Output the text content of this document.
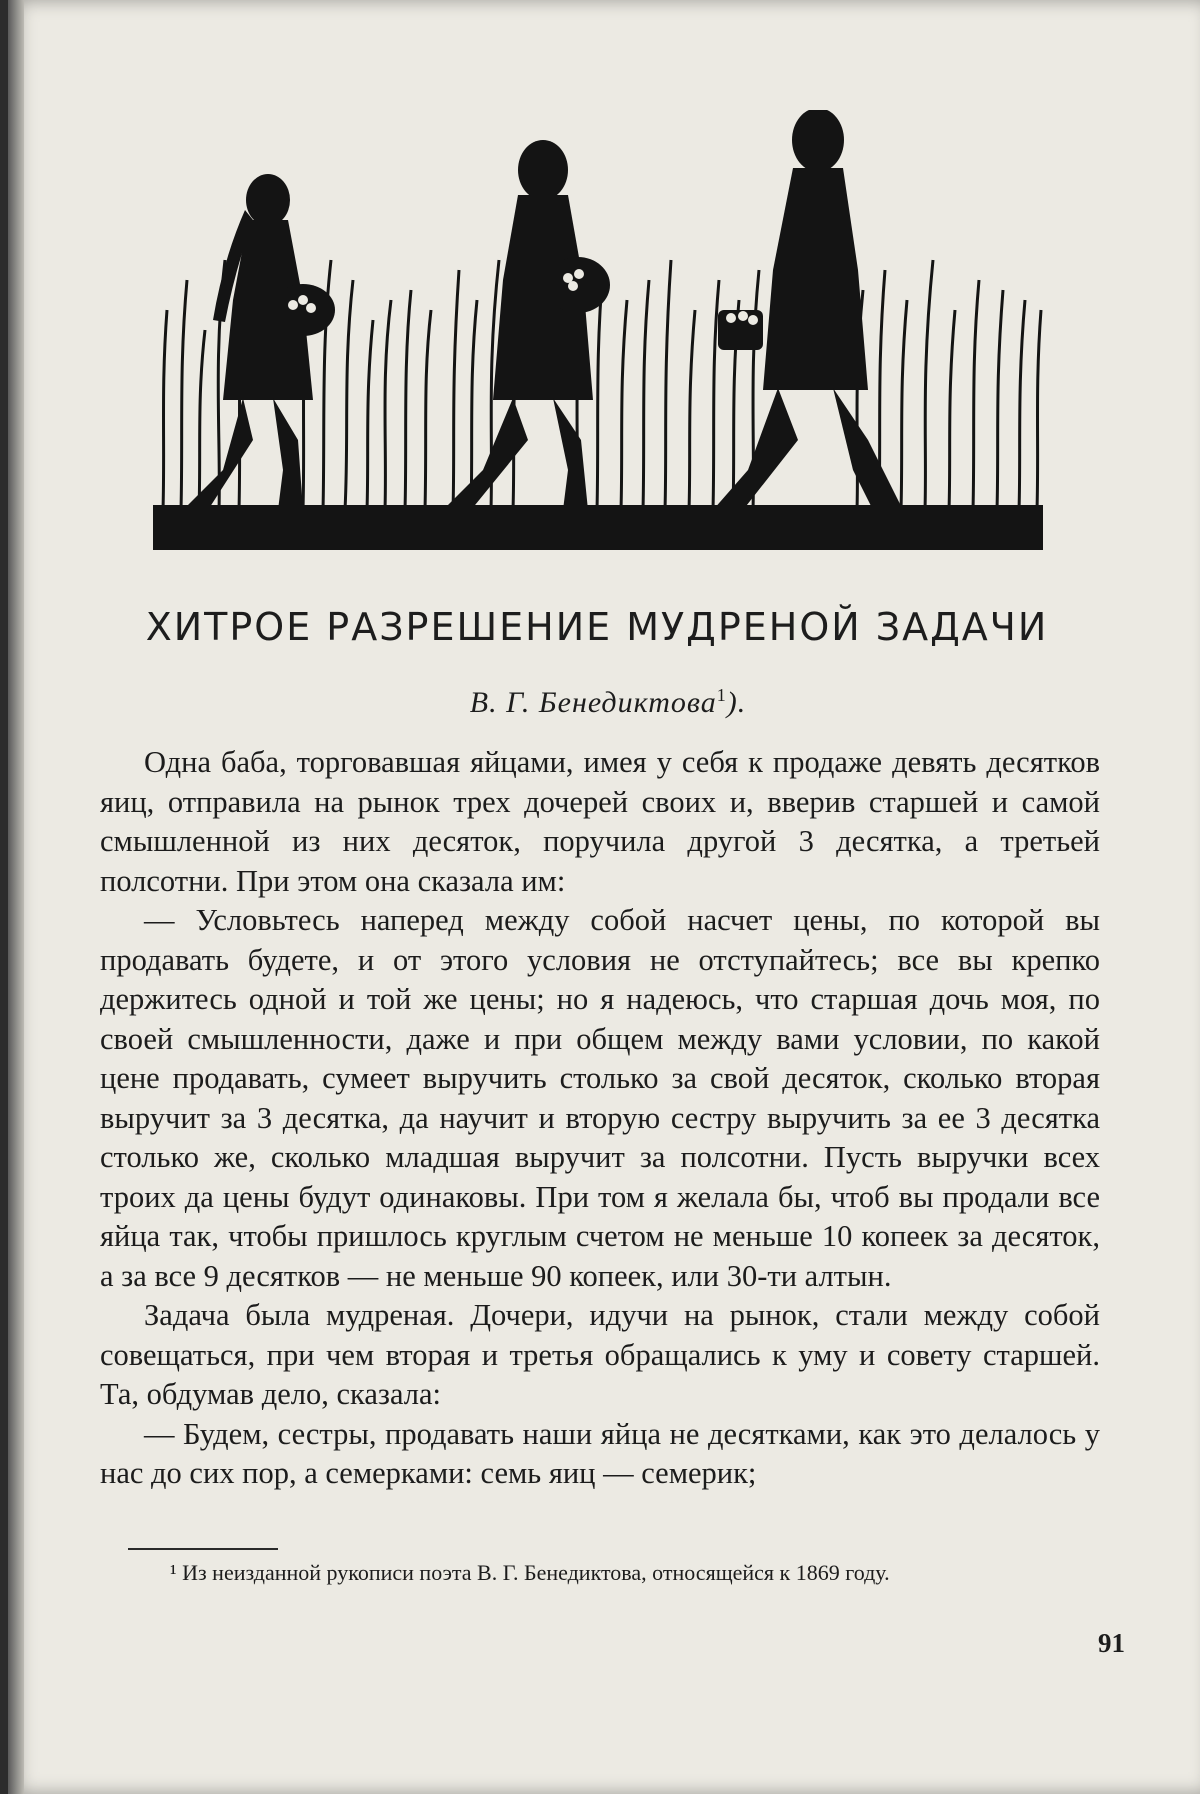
ХИТРОЕ РАЗРЕШЕНИЕ МУДРЕНОЙ ЗАДАЧИ
В. Г. Бенедиктова$^1$).

Одна баба, торговавшая яйцами, имея у себя к продаже девять десятков яиц, отправила на рынок трех дочерей своих и, вверив старшей и самой смышленной из них десяток, поручила другой 3 десятка, а третьей полсотни. При этом она сказала им:

— Условьтесь наперед между собой насчет цены, по которой вы продавать будете, и от этого условия не отступайтесь; все вы крепко держитесь одной и той же цены; но я надеюсь, что старшая дочь моя, по своей смышленности, даже и при общем между вами условии, по какой цене продавать, сумеет выручить столько за свой десяток, сколько вторая выручит за 3 десятка, да научит и вторую сестру выручить за ее 3 десятка столько же, сколько младшая выручит за полсотни. Пусть выручки всех троих да цены будут одинаковы. При том я желала бы, чтоб вы продали все яйца так, чтобы пришлось круглым счетом не меньше 10 копеек за десяток, а за все 9 десятков — не меньше 90 копеек, или 30-ти алтын.

Задача была мудреная. Дочери, идучи на рынок, стали между собой совещаться, при чем вторая и третья обращались к уму и совету старшей. Та, обдумав дело, сказала:

— Будем, сестры, продавать наши яйца не десятками, как это делалось у нас до сих пор, а семерками: семь яиц — семерик;

¹ Из неизданной рукописи поэта В. Г. Бенедиктова, относящейся к 1869 году.

91
